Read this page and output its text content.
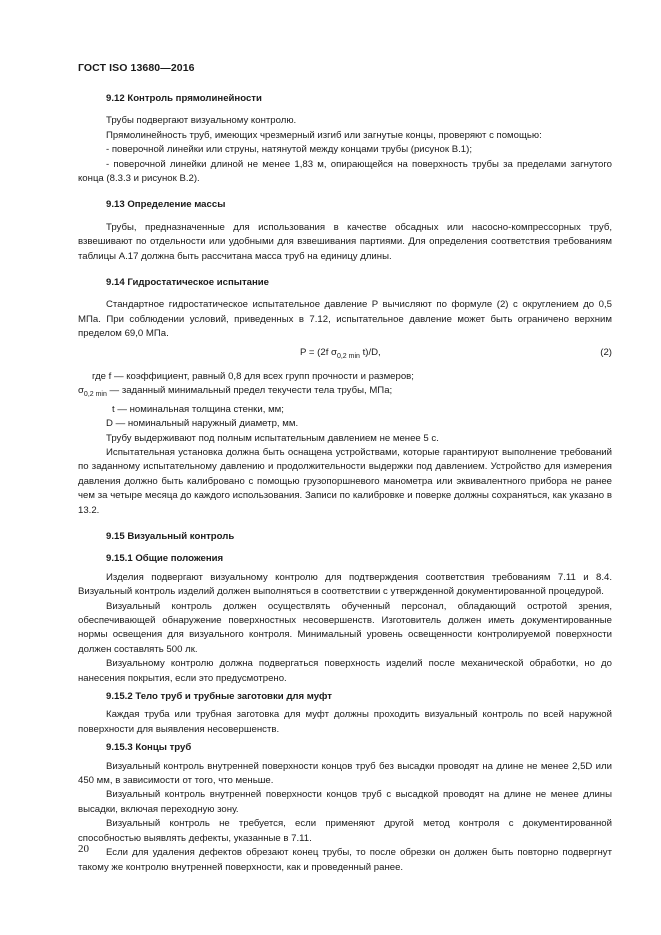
ГОСТ ISO 13680—2016

9.12 Контроль прямолинейности

Трубы подвергают визуальному контролю.

Прямолинейность труб, имеющих чрезмерный изгиб или загнутые концы, проверяют с помощью:

- поверочной линейки или струны, натянутой между концами трубы (рисунок В.1);

- поверочной линейки длиной не менее 1,83 м, опирающейся на поверхность трубы за пределами загнутого конца (8.3.3 и рисунок В.2).

9.13 Определение массы

Трубы, предназначенные для использования в качестве обсадных или насосно-компрессорных труб, взвешивают по отдельности или удобными для взвешивания партиями. Для определения соответствия требованиям таблицы А.17 должна быть рассчитана масса труб на единицу длины.

9.14 Гидростатическое испытание

Стандартное гидростатическое испытательное давление P вычисляют по формуле (2) с округлением до 0,5 МПа. При соблюдении условий, приведенных в 7.12, испытательное давление может быть ограничено верхним пределом 69,0 МПа.

P = (2f $\sigma_{0,2 min}$ t)/D,	(2)

где f — коэффициент, равный 0,8 для всех групп прочности и размеров;

$\sigma_{0,2 min}$ — заданный минимальный предел текучести тела трубы, МПа;

t — номинальная толщина стенки, мм;

D — номинальный наружный диаметр, мм.

Трубу выдерживают под полным испытательным давлением не менее 5 с.

Испытательная установка должна быть оснащена устройствами, которые гарантируют выполнение требований по заданному испытательному давлению и продолжительности выдержки под давлением. Устройство для измерения давления должно быть калибровано с помощью грузопоршневого манометра или эквивалентного прибора не ранее чем за четыре месяца до каждого использования. Записи по калибровке и поверке должны сохраняться, как указано в 13.2.

9.15 Визуальный контроль

9.15.1 Общие положения

Изделия подвергают визуальному контролю для подтверждения соответствия требованиям 7.11 и 8.4. Визуальный контроль изделий должен выполняться в соответствии с утвержденной документированной процедурой.

Визуальный контроль должен осуществлять обученный персонал, обладающий остротой зрения, обеспечивающей обнаружение поверхностных несовершенств. Изготовитель должен иметь документированные нормы освещения для визуального контроля. Минимальный уровень освещенности контролируемой поверхности должен составлять 500 лк.

Визуальному контролю должна подвергаться поверхность изделий после механической обработки, но до нанесения покрытия, если это предусмотрено.

9.15.2 Тело труб и трубные заготовки для муфт

Каждая труба или трубная заготовка для муфт должны проходить визуальный контроль по всей наружной поверхности для выявления несовершенств.

9.15.3 Концы труб

Визуальный контроль внутренней поверхности концов труб без высадки проводят на длине не менее 2,5D или 450 мм, в зависимости от того, что меньше.

Визуальный контроль внутренней поверхности концов труб с высадкой проводят на длине не менее длины высадки, включая переходную зону.

Визуальный контроль не требуется, если применяют другой метод контроля с документированной способностью выявлять дефекты, указанные в 7.11.

Если для удаления дефектов обрезают конец трубы, то после обрезки он должен быть повторно подвергнут такому же контролю внутренней поверхности, как и проведенный ранее.

20
